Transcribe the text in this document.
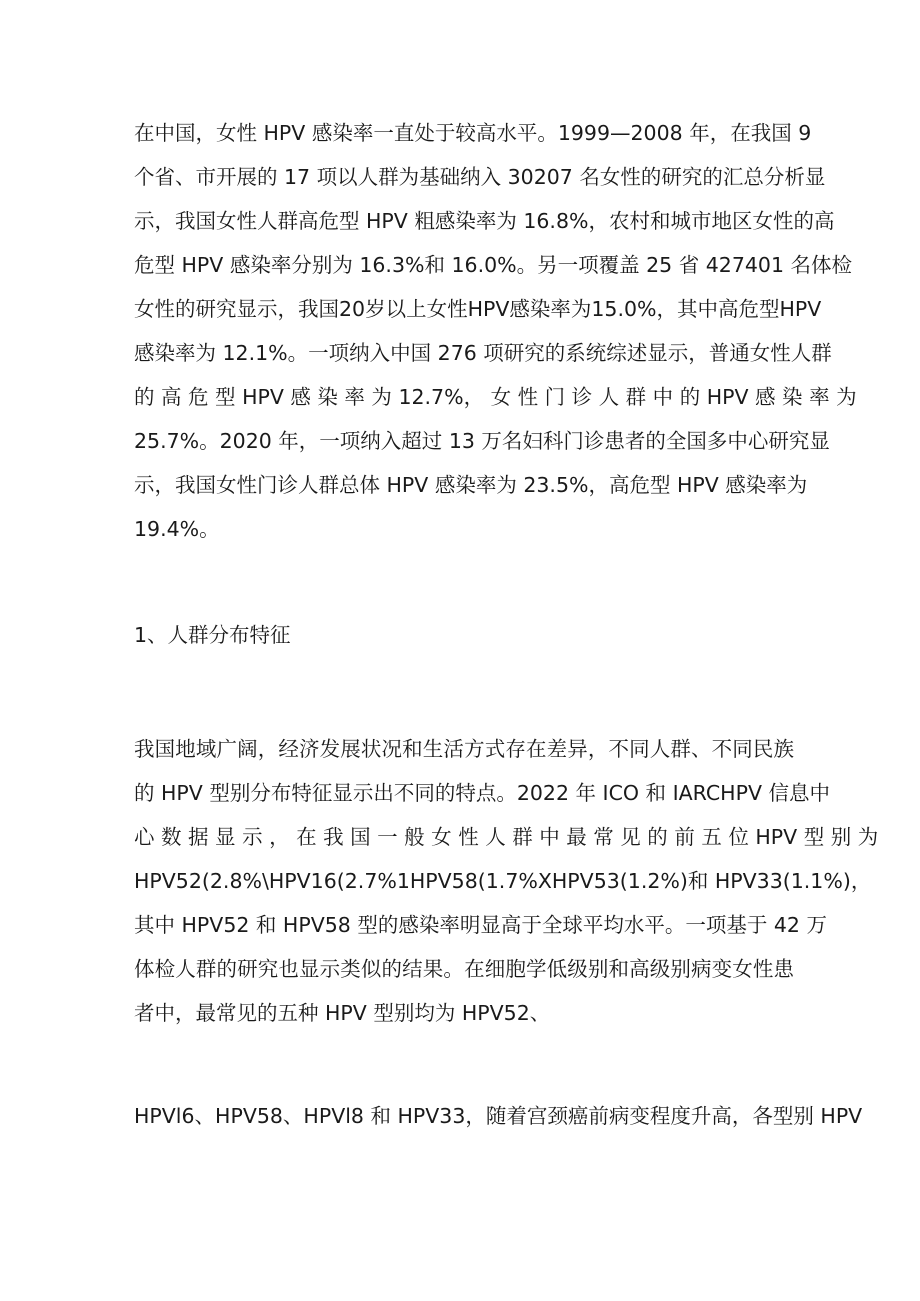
在中国，女性 HPV 感染率一直处于较高水平。1999—2008 年，在我国 9
个省、市开展的 17 项以人群为基础纳入 30207 名女性的研究的汇总分析显
示，我国女性人群高危型 HPV 粗感染率为 16.8%，农村和城市地区女性的高
危型 HPV 感染率分别为 16.3%和 16.0%。另一项覆盖 25 省 427401 名体检
女性的研究显示，我国20岁以上女性HPV感染率为15.0%，其中高危型HPV
感染率为 12.1%。一项纳入中国 276 项研究的系统综述显示，普通女性人群
的 高 危 型 HPV 感 染 率 为 12.7%， 女 性 门 诊 人 群 中 的 HPV 感 染 率 为
25.7%。2020 年，一项纳入超过 13 万名妇科门诊患者的全国多中心研究显
示，我国女性门诊人群总体 HPV 感染率为 23.5%，高危型 HPV 感染率为
19.4%。
1、人群分布特征
我国地域广阔，经济发展状况和生活方式存在差异，不同人群、不同民族
的 HPV 型别分布特征显示出不同的特点。2022 年 ICO 和 IARCHPV 信息中
心 数 据 显 示 ， 在 我 国 一 般 女 性 人 群 中 最 常 见 的 前 五 位 HPV 型 别 为
HPV52(2.8%\HPV16(2.7%1HPV58(1.7%XHPV53(1.2%)和 HPV33(1.1%)，
其中 HPV52 和 HPV58 型的感染率明显高于全球平均水平。一项基于 42 万
体检人群的研究也显示类似的结果。在细胞学低级别和高级别病变女性患
者中，最常见的五种 HPV 型别均为 HPV52、
HPVl6、HPV58、HPVl8 和 HPV33，随着宫颈癌前病变程度升高，各型别 HPV
